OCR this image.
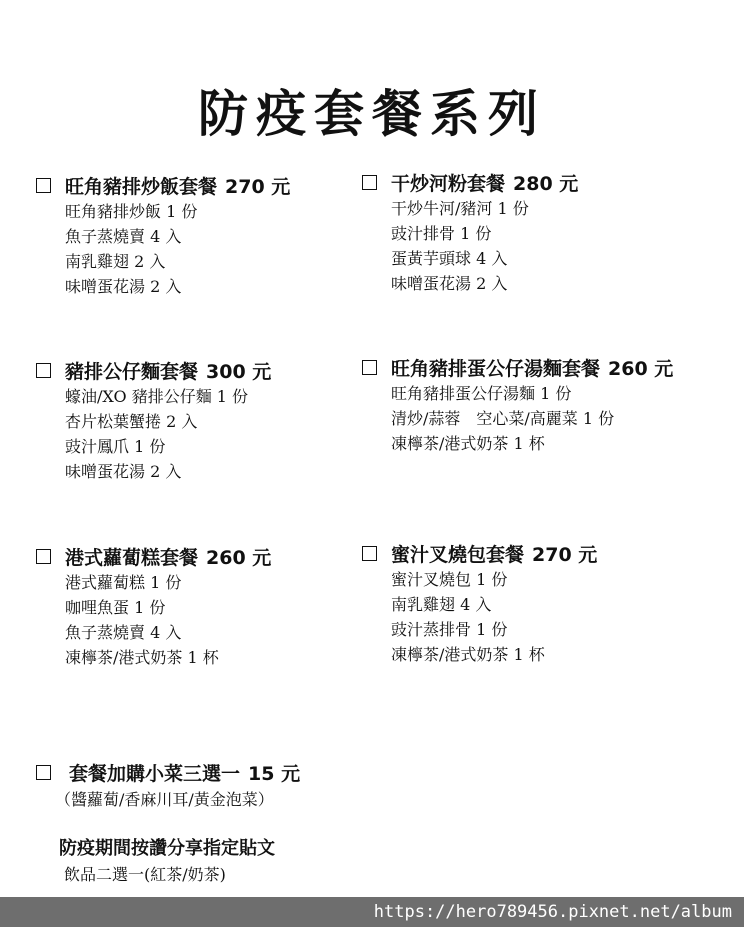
防疫套餐系列
旺角豬排炒飯套餐 270 元
旺角豬排炒飯 1 份
魚子蒸燒賣 4 入
南乳雞翅 2 入
味噌蛋花湯 2 入
干炒河粉套餐 280 元
干炒牛河/豬河 1 份
豉汁排骨 1 份
蛋黃芋頭球 4 入
味噌蛋花湯 2 入
豬排公仔麵套餐 300 元
蠔油/XO 豬排公仔麵 1 份
杏片松葉蟹捲 2 入
豉汁鳳爪 1 份
味噌蛋花湯 2 入
旺角豬排蛋公仔湯麵套餐 260 元
旺角豬排蛋公仔湯麵 1 份
清炒/蒜蓉　空心菜/高麗菜 1 份
凍檸茶/港式奶茶 1 杯
港式蘿蔔糕套餐 260 元
港式蘿蔔糕 1 份
咖哩魚蛋 1 份
魚子蒸燒賣 4 入
凍檸茶/港式奶茶 1 杯
蜜汁叉燒包套餐 270 元
蜜汁叉燒包 1 份
南乳雞翅 4 入
豉汁蒸排骨 1 份
凍檸茶/港式奶茶 1 杯
套餐加購小菜三選一 15 元
（醬蘿蔔/香麻川耳/黃金泡菜）
防疫期間按讚分享指定貼文
飲品二選一(紅茶/奶茶)
https://hero789456.pixnet.net/album
